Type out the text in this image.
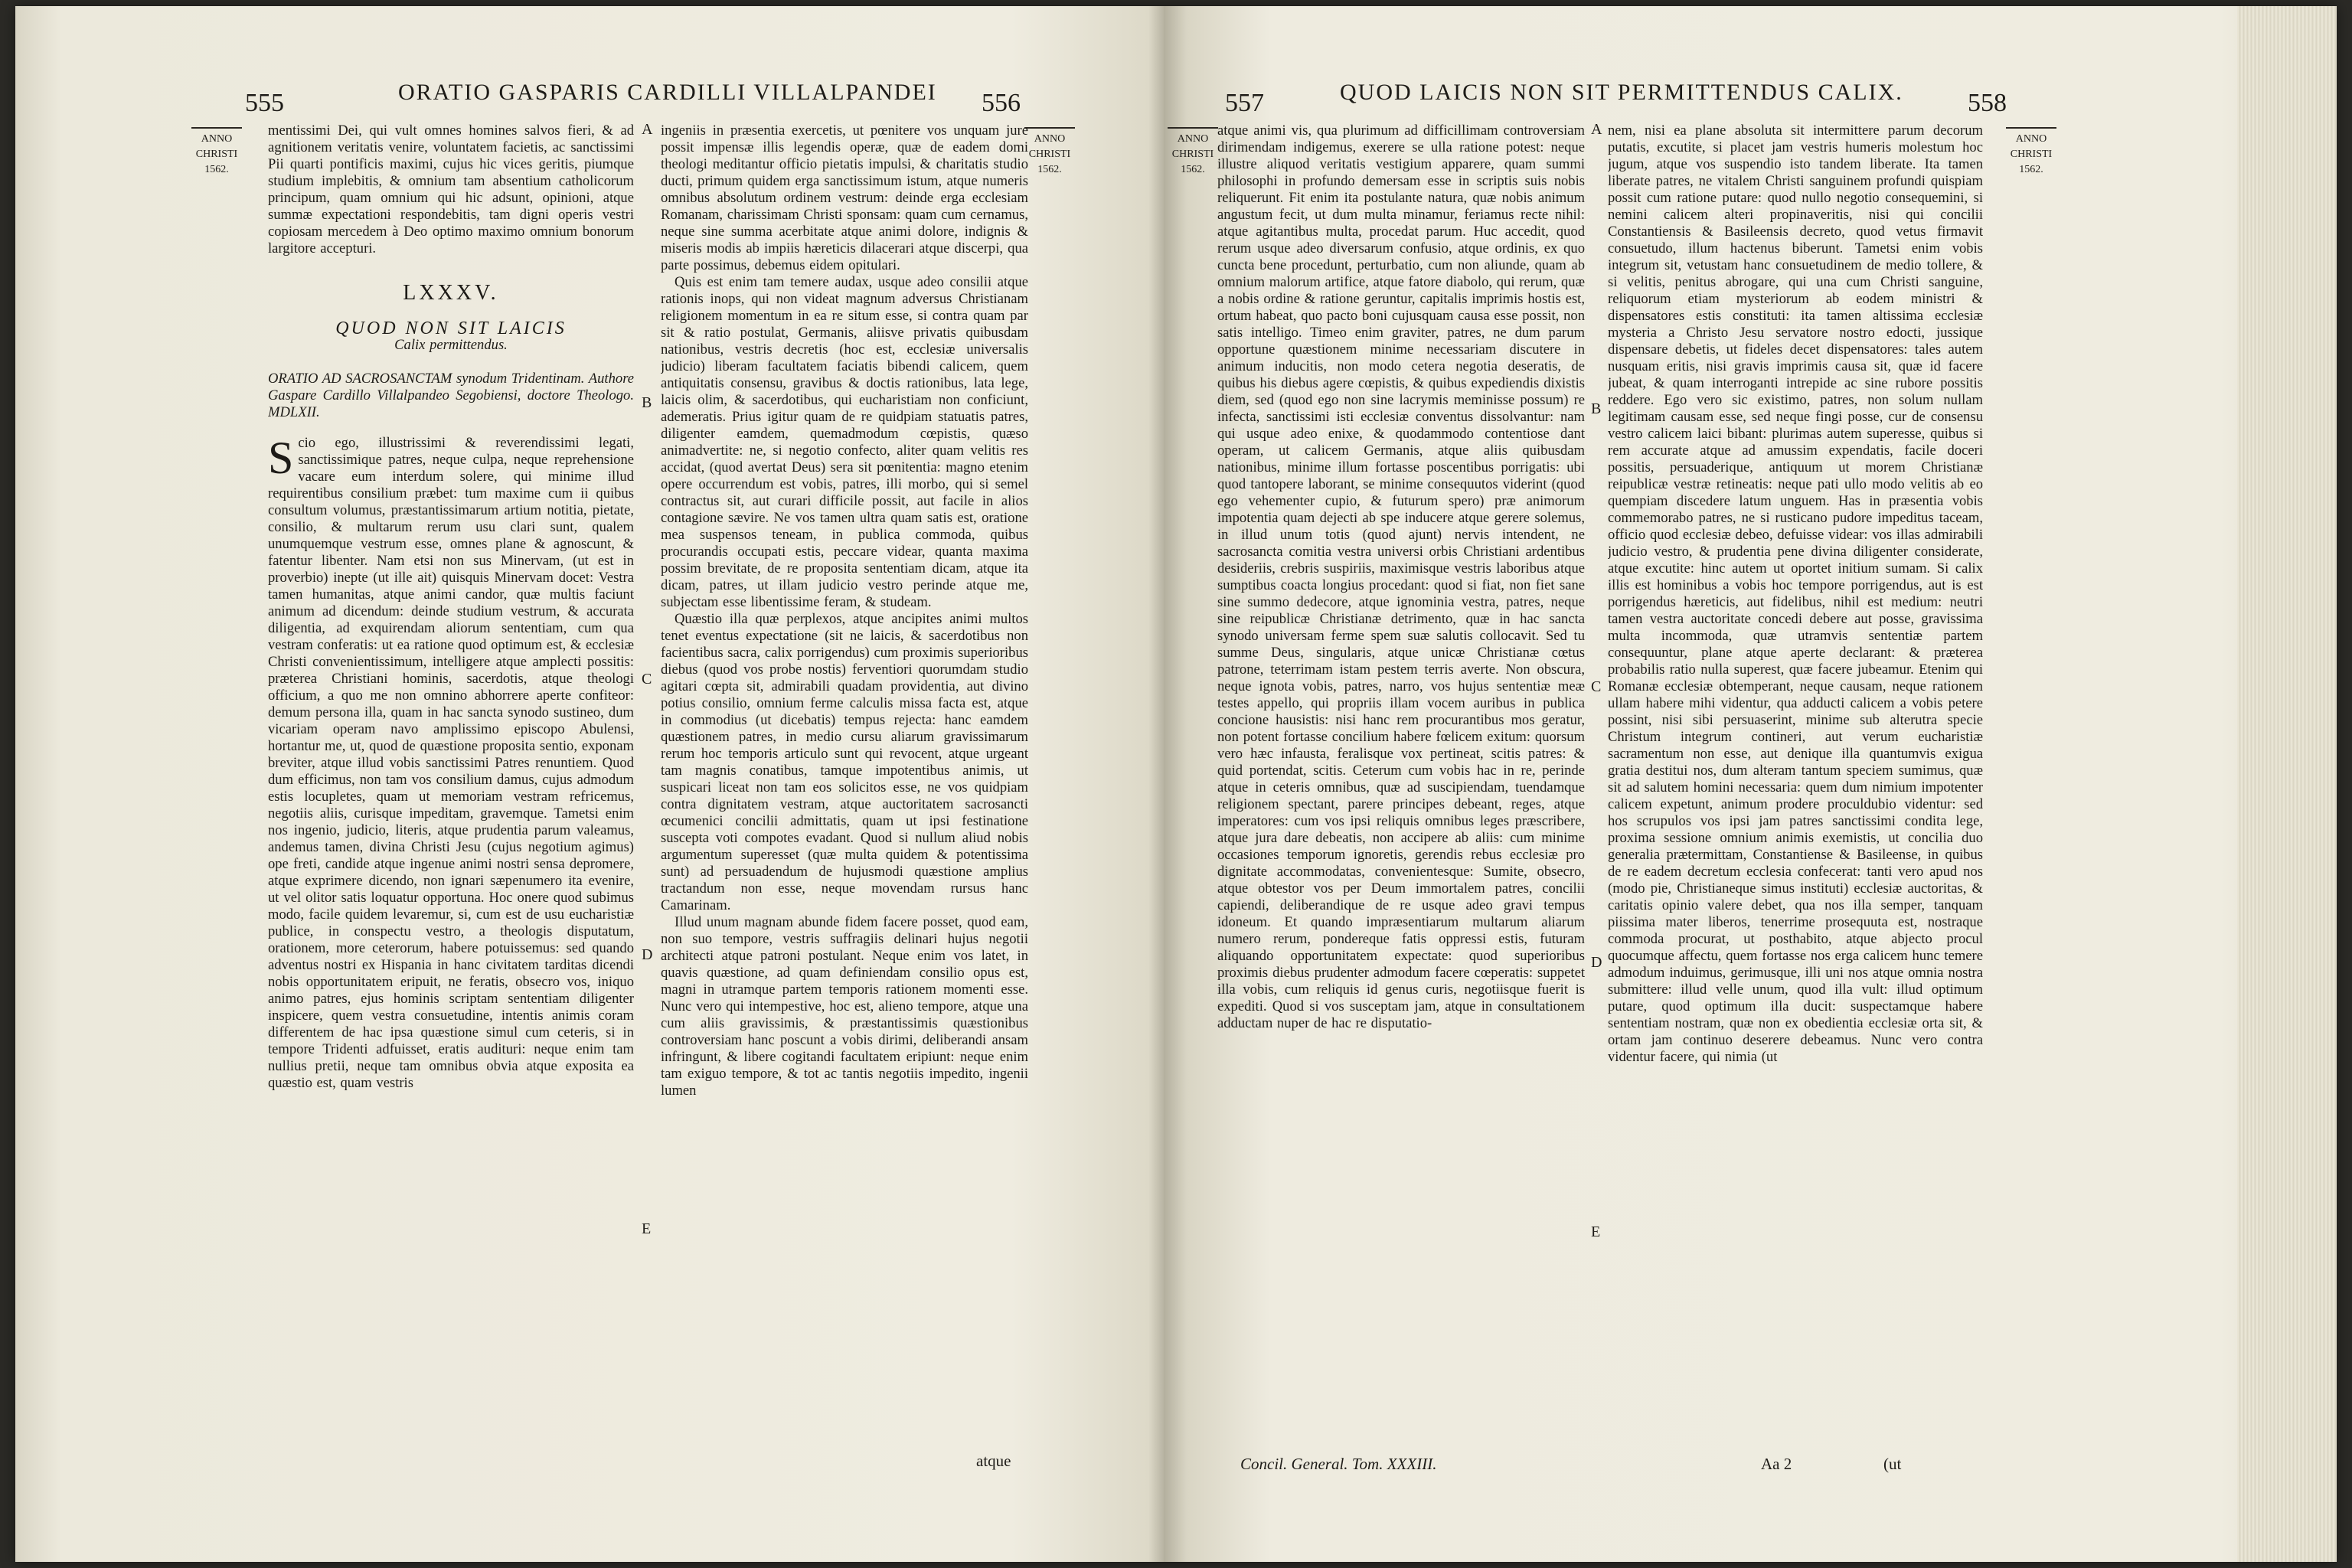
555	ORATIO GASPARIS CARDILLI VILLALPANDEI 556
ANNO
CHRISTI
1562.
ANNO
CHRISTI
1562.

mentissimi Dei, qui vult omnes homines salvos fieri, & ad agnitionem veritatis venire, voluntatem facietis, ac sanctissimi Pii quarti pontificis maximi, cujus hic vices geritis, piumque studium implebitis, & omnium tam absentium catholicorum principum, quam omnium qui hic adsunt, opinioni, atque summæ expectationi respondebitis, tam digni operis vestri copiosam mercedem à Deo optimo maximo omnium bonorum largitore accepturi.

LXXXV.
QUOD NON SIT LAICIS
Calix permittendus.

ORATIO AD SACROSANCTAM synodum Tridentinam. Authore Gaspare Cardillo Villalpandeo Segobiensi, doctore Theologo. MDLXII.

Scio ego, illustrissimi & reverendissimi legati, sanctissimique patres, neque culpa, neque reprehensione vacare eum interdum solere, qui minime illud requirentibus consilium præbet: tum maxime cum ii quibus consultum volumus, præstantissimarum artium notitia, pietate, consilio, & multarum rerum usu clari sunt, qualem unumquemque vestrum esse, omnes plane & agnoscunt, & fatentur libenter. Nam etsi non sus Minervam, (ut est in proverbio) inepte (ut ille ait) quisquis Minervam docet: Vestra tamen humanitas, atque animi candor, quæ multis faciunt animum ad dicendum: deinde studium vestrum, & accurata diligentia, ad exquirendam aliorum sententiam, cum qua vestram conferatis: ut ea ratione quod optimum est, & ecclesiæ Christi convenientissimum, intelligere atque amplecti possitis: præterea Christiani hominis, sacerdotis, atque theologi officium, a quo me non omnino abhorrere aperte confiteor: demum persona illa, quam in hac sancta synodo sustineo, dum vicariam operam navo amplissimo episcopo Abulensi, hortantur me, ut, quod de quæstione proposita sentio, exponam breviter, atque illud vobis sanctissimi Patres renuntiem. Quod dum efficimus, non tam vos consilium damus, cujus admodum estis locupletes, quam ut memoriam vestram refricemus, negotiis aliis, curisque impeditam, gravemque. Tametsi enim nos ingenio, judicio, literis, atque prudentia parum valeamus, andemus tamen, divina Christi Jesu (cujus negotium agimus) ope freti, candide atque ingenue animi nostri sensa depromere, atque exprimere dicendo, non ignari sæpenumero ita evenire, ut vel olitor satis loquatur opportuna. Hoc onere quod subimus modo, facile quidem levaremur, si, cum est de usu eucharistiæ publice, in conspectu vestro, a theologis disputatum, orationem, more ceterorum, habere potuissemus: sed quando adventus nostri ex Hispania in hanc civitatem tarditas dicendi nobis opportunitatem eripuit, ne feratis, obsecro vos, iniquo animo patres, ejus hominis scriptam sententiam diligenter inspicere, quem vestra consuetudine, intentis animis coram differentem de hac ipsa quæstione simul cum ceteris, si in tempore Tridenti adfuisset, eratis audituri: neque enim tam nullius pretii, neque tam omnibus obvia atque exposita ea quæstio est, quam vestris

A
B
C
D
E

ingeniis in præsentia exercetis, ut pœnitere vos unquam jure possit impensæ illis legendis operæ, quæ de eadem domi theologi meditantur officio pietatis impulsi, & charitatis studio ducti, primum quidem erga sanctissimum istum, atque numeris omnibus absolutum ordinem vestrum: deinde erga ecclesiam Romanam, charissimam Christi sponsam: quam cum cernamus, neque sine summa acerbitate atque animi dolore, indignis & miseris modis ab impiis hæreticis dilacerari atque discerpi, qua parte possimus, debemus eidem opitulari.

Quis est enim tam temere audax, usque adeo consilii atque rationis inops, qui non videat magnum adversus Christianam religionem momentum in ea re situm esse, si contra quam par sit & ratio postulat, Germanis, aliisve privatis quibusdam nationibus, vestris decretis (hoc est, ecclesiæ universalis judicio) liberam facultatem faciatis bibendi calicem, quem antiquitatis consensu, gravibus & doctis rationibus, lata lege, laicis olim, & sacerdotibus, qui eucharistiam non conficiunt, ademeratis. Prius igitur quam de re quidpiam statuatis patres, diligenter eamdem, quemadmodum cœpistis, quæso animadvertite: ne, si negotio confecto, aliter quam velitis res accidat, (quod avertat Deus) sera sit pœnitentia: magno etenim opere occurrendum est vobis, patres, illi morbo, qui si semel contractus sit, aut curari difficile possit, aut facile in alios contagione sævire. Ne vos tamen ultra quam satis est, oratione mea suspensos teneam, in publica commoda, quibus procurandis occupati estis, peccare videar, quanta maxima possim brevitate, de re proposita sententiam dicam, atque ita dicam, patres, ut illam judicio vestro perinde atque me, subjectam esse libentissime feram, & studeam.

Quæstio illa quæ perplexos, atque ancipites animi multos tenet eventus expectatione (sit ne laicis, & sacerdotibus non facientibus sacra, calix porrigendus) cum proximis superioribus diebus (quod vos probe nostis) ferventiori quorumdam studio agitari cœpta sit, admirabili quadam providentia, aut divino potius consilio, omnium ferme calculis missa facta est, atque in commodius (ut dicebatis) tempus rejecta: hanc eamdem quæstionem patres, in medio cursu aliarum gravissimarum rerum hoc temporis articulo sunt qui revocent, atque urgeant tam magnis conatibus, tamque impotentibus animis, ut suspicari liceat non tam eos solicitos esse, ne vos quidpiam contra dignitatem vestram, atque auctoritatem sacrosancti œcumenici concilii admittatis, quam ut ipsi festinatione suscepta voti compotes evadant. Quod si nullum aliud nobis argumentum superesset (quæ multa quidem & potentissima sunt) ad persuadendum de hujusmodi quæstione amplius tractandum non esse, neque movendam rursus hanc Camarinam.

Illud unum magnam abunde fidem facere posset, quod eam, non suo tempore, vestris suffragiis delinari hujus negotii architecti atque patroni postulant. Neque enim vos latet, in quavis quæstione, ad quam definiendam consilio opus est, magni in utramque partem temporis rationem momenti esse. Nunc vero qui intempestive, hoc est, alieno tempore, atque una cum aliis gravissimis, & præstantissimis quæstionibus controversiam hanc poscunt a vobis dirimi, deliberandi ansam infringunt, & libere cogitandi facultatem eripiunt: neque enim tam exiguo tempore, & tot ac tantis negotiis impedito, ingenii lumen

atque
557	QUOD LAICIS NON SIT PERMITTENDUS CALIX. 558
ANNO
CHRISTI
1562.
ANNO
CHRISTI
1562.

atque animi vis, qua plurimum ad difficillimam controversiam dirimendam indigemus, exerere se ulla ratione potest: neque illustre aliquod veritatis vestigium apparere, quam summi philosophi in profundo demersam esse in scriptis suis nobis reliquerunt. Fit enim ita postulante natura, quæ nobis animum angustum fecit, ut dum multa minamur, feriamus recte nihil: atque agitantibus multa, procedat parum. Huc accedit, quod rerum usque adeo diversarum confusio, atque ordinis, ex quo cuncta bene procedunt, perturbatio, cum non aliunde, quam ab omnium malorum artifice, atque fatore diabolo, qui rerum, quæ a nobis ordine & ratione geruntur, capitalis imprimis hostis est, ortum habeat, quo pacto boni cujusquam causa esse possit, non satis intelligo. Timeo enim graviter, patres, ne dum parum opportune quæstionem minime necessariam discutere in animum inducitis, non modo cetera negotia deseratis, de quibus his diebus agere cœpistis, & quibus expediendis dixistis diem, sed (quod ego non sine lacrymis meminisse possum) re infecta, sanctissimi isti ecclesiæ conventus dissolvantur: nam qui usque adeo enixe, & quodammodo contentiose dant operam, ut calicem Germanis, atque aliis quibusdam nationibus, minime illum fortasse poscentibus porrigatis: ubi quod tantopere laborant, se minime consequutos viderint (quod ego vehementer cupio, & futurum spero) præ animorum impotentia quam dejecti ab spe inducere atque gerere solemus, in illud unum totis (quod ajunt) nervis intendent, ne sacrosancta comitia vestra universi orbis Christiani ardentibus desideriis, crebris suspiriis, maximisque vestris laboribus atque sumptibus coacta longius procedant: quod si fiat, non fiet sane sine summo dedecore, atque ignominia vestra, patres, neque sine reipublicæ Christianæ detrimento, quæ in hac sancta synodo universam ferme spem suæ salutis collocavit. Sed tu summe Deus, singularis, atque unicæ Christianæ cœtus patrone, teterrimam istam pestem terris averte. Non obscura, neque ignota vobis, patres, narro, vos hujus sententiæ meæ testes appello, qui propriis illam vocem auribus in publica concione hausistis: nisi hanc rem procurantibus mos geratur, non potent fortasse concilium habere fœlicem exitum: quorsum vero hæc infausta, feralisque vox pertineat, scitis patres: & quid portendat, scitis. Ceterum cum vobis hac in re, perinde atque in ceteris omnibus, quæ ad suscipiendam, tuendamque religionem spectant, parere principes debeant, reges, atque imperatores: cum vos ipsi reliquis omnibus leges præscribere, atque jura dare debeatis, non accipere ab aliis: cum minime occasiones temporum ignoretis, gerendis rebus ecclesiæ pro dignitate accommodatas, convenientesque: Sumite, obsecro, atque obtestor vos per Deum immortalem patres, concilii capiendi, deliberandique de re usque adeo gravi tempus idoneum. Et quando impræsentiarum multarum aliarum numero rerum, pondereque fatis oppressi estis, futuram aliquando opportunitatem expectate: quod superioribus proximis diebus prudenter admodum facere cœperatis: suppetet illa vobis, cum reliquis id genus curis, negotiisque fuerit is expediti. Quod si vos susceptam jam, atque in consultationem adductam nuper de hac re disputatio-

A
B
C
D
E

nem, nisi ea plane absoluta sit intermittere parum decorum putatis, excutite, si placet jam vestris humeris molestum hoc jugum, atque vos suspendio isto tandem liberate. Ita tamen liberate patres, ne vitalem Christi sanguinem profundi quispiam possit cum ratione putare: quod nullo negotio consequemini, si nemini calicem alteri propinaveritis, nisi qui concilii Constantiensis & Basileensis decreto, quod vetus firmavit consuetudo, illum hactenus biberunt. Tametsi enim vobis integrum sit, vetustam hanc consuetudinem de medio tollere, & si velitis, penitus abrogare, qui una cum Christi sanguine, reliquorum etiam mysteriorum ab eodem ministri & dispensatores estis constituti: ita tamen altissima ecclesiæ mysteria a Christo Jesu servatore nostro edocti, jussique dispensare debetis, ut fideles decet dispensatores: tales autem nusquam eritis, nisi gravis imprimis causa sit, quæ id facere jubeat, & quam interroganti intrepide ac sine rubore possitis reddere. Ego vero sic existimo, patres, non solum nullam legitimam causam esse, sed neque fingi posse, cur de consensu vestro calicem laici bibant: plurimas autem superesse, quibus si rem accurate atque ad amussim expendatis, facile doceri possitis, persuaderique, antiquum ut morem Christianæ reipublicæ vestræ retineatis: neque pati ullo modo velitis ab eo quempiam discedere latum unguem. Has in præsentia vobis commemorabo patres, ne si rusticano pudore impeditus taceam, officio quod ecclesiæ debeo, defuisse videar: vos illas admirabili judicio vestro, & prudentia pene divina diligenter considerate, atque excutite: hinc autem ut oportet initium sumam. Si calix illis est hominibus a vobis hoc tempore porrigendus, aut is est porrigendus hæreticis, aut fidelibus, nihil est medium: neutri tamen vestra auctoritate concedi debere aut posse, gravissima multa incommoda, quæ utramvis sententiæ partem consequuntur, plane atque aperte declarant: & præterea probabilis ratio nulla superest, quæ facere jubeamur. Etenim qui Romanæ ecclesiæ obtemperant, neque causam, neque rationem ullam habere mihi videntur, qua adducti calicem a vobis petere possint, nisi sibi persuaserint, minime sub alterutra specie Christum integrum contineri, aut verum eucharistiæ sacramentum non esse, aut denique illa quantumvis exigua gratia destitui nos, dum alteram tantum speciem sumimus, quæ sit ad salutem homini necessaria: quem dum nimium impotenter calicem expetunt, animum prodere proculdubio videntur: sed hos scrupulos vos ipsi jam patres sanctissimi condita lege, proxima sessione omnium animis exemistis, ut concilia duo generalia prætermittam, Constantiense & Basileense, in quibus de re eadem decretum ecclesia confecerat: tanti vero apud nos (modo pie, Christianeque simus instituti) ecclesiæ auctoritas, & caritatis opinio valere debet, qua nos illa semper, tanquam piissima mater liberos, tenerrime prosequuta est, nostraque commoda procurat, ut posthabito, atque abjecto procul quocumque affectu, quem fortasse nos erga calicem hunc temere admodum induimus, gerimusque, illi uni nos atque omnia nostra submittere: illud velle unum, quod illa vult: illud optimum putare, quod optimum illa ducit: suspectamque habere sententiam nostram, quæ non ex obedientia ecclesiæ orta sit, & ortam jam continuo deserere debeamus. Nunc vero contra videntur facere, qui nimia (ut

Concil. General. Tom. XXXIII.	Aa 2	(ut
